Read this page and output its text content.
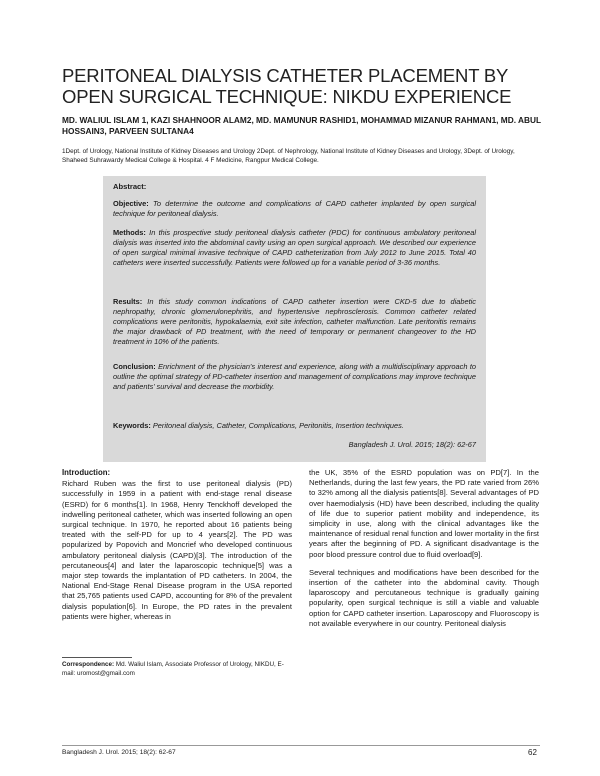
PERITONEAL DIALYSIS CATHETER PLACEMENT BY OPEN SURGICAL TECHNIQUE: NIKDU EXPERIENCE
MD. WALIUL ISLAM 1, KAZI SHAHNOOR ALAM2, MD. MAMUNUR RASHID1, MOHAMMAD MIZANUR RAHMAN1, MD. ABUL HOSSAIN3, PARVEEN SULTANA4
1Dept. of Urology, National Institute of Kidney Diseases and Urology 2Dept. of Nephrology, National Institute of Kidney Diseases and Urology, 3Dept. of Urology, Shaheed Suhrawardy Medical College & Hospital. 4 F Medicine, Rangpur Medical College.
Abstract:
Objective: To determine the outcome and complications of CAPD catheter implanted by open surgical technique for peritoneal dialysis.
Methods: In this prospective study peritoneal dialysis catheter (PDC) for continuous ambulatory peritoneal dialysis was inserted into the abdominal cavity using an open surgical approach. We described our experience of open surgical minimal invasive technique of CAPD catheterization from July 2012 to June 2015. Total 40 catheters were inserted successfully. Patients were followed up for a variable period of 3-36 months.
Results: In this study common indications of CAPD catheter insertion were CKD-5 due to diabetic nephropathy, chronic glomerulonephritis, and hypertensive nephrosclerosis. Common catheter related complications were peritonitis, hypokalaemia, exit site infection, catheter malfunction. Late peritonitis remains the major drawback of PD treatment, with the need of temporary or permanent changeover to the HD treatment in 10% of the patients.
Conclusion: Enrichment of the physician’s interest and experience, along with a multidisciplinary approach to outline the optimal strategy of PD-catheter insertion and management of complications may improve technique and patients’ survival and decrease the morbidity.
Keywords: Peritoneal dialysis, Catheter, Complications, Peritonitis, Insertion techniques.
Bangladesh J. Urol. 2015; 18(2): 62-67
Introduction:

Richard Ruben was the first to use peritoneal dialysis (PD) successfully in 1959 in a patient with end-stage renal disease (ESRD) for 6 months[1]. In 1968, Henry Tenckhoff developed the indwelling peritoneal catheter, which was inserted following an open surgical technique. In 1970, he reported about 16 patients being treated with the self-PD for up to 4 years[2]. The PD was popularized by Popovich and Moncrief who developed continuous ambulatory peritoneal dialysis (CAPD)[3]. The introduction of the percutaneous[4] and later the laparoscopic technique[5] was a major step towards the implantation of PD catheters. In 2004, the National End-Stage Renal Disease program in the USA reported that 25,765 patients used CAPD, accounting for 8% of the prevalent dialysis population[6]. In Europe, the PD rates in the prevalent patients were higher, whereas in

the UK, 35% of the ESRD population was on PD[7]. In the Netherlands, during the last few years, the PD rate varied from 26% to 32% among all the dialysis patients[8]. Several advantages of PD over haemodialysis (HD) have been described, including the quality of life due to superior patient mobility and independence, its simplicity in use, along with the clinical advantages like the maintenance of residual renal function and lower mortality in the first years after the beginning of PD. A significant disadvantage is the poor blood pressure control due to fluid overload[9].

Several techniques and modifications have been described for the insertion of the catheter into the abdominal cavity. Though laparoscopy and percutaneous technique is gradually gaining popularity, open surgical technique is still a viable and valuable option for CAPD catheter insertion. Laparoscopy and Fluoroscopy is not available everywhere in our country. Peritoneal dialysis

Correspondence: Md. Waliul Islam, Associate Professor of Urology, NIKDU, E-mail: uromost@gmail.com
Bangladesh J. Urol. 2015; 18(2): 62-67	62
